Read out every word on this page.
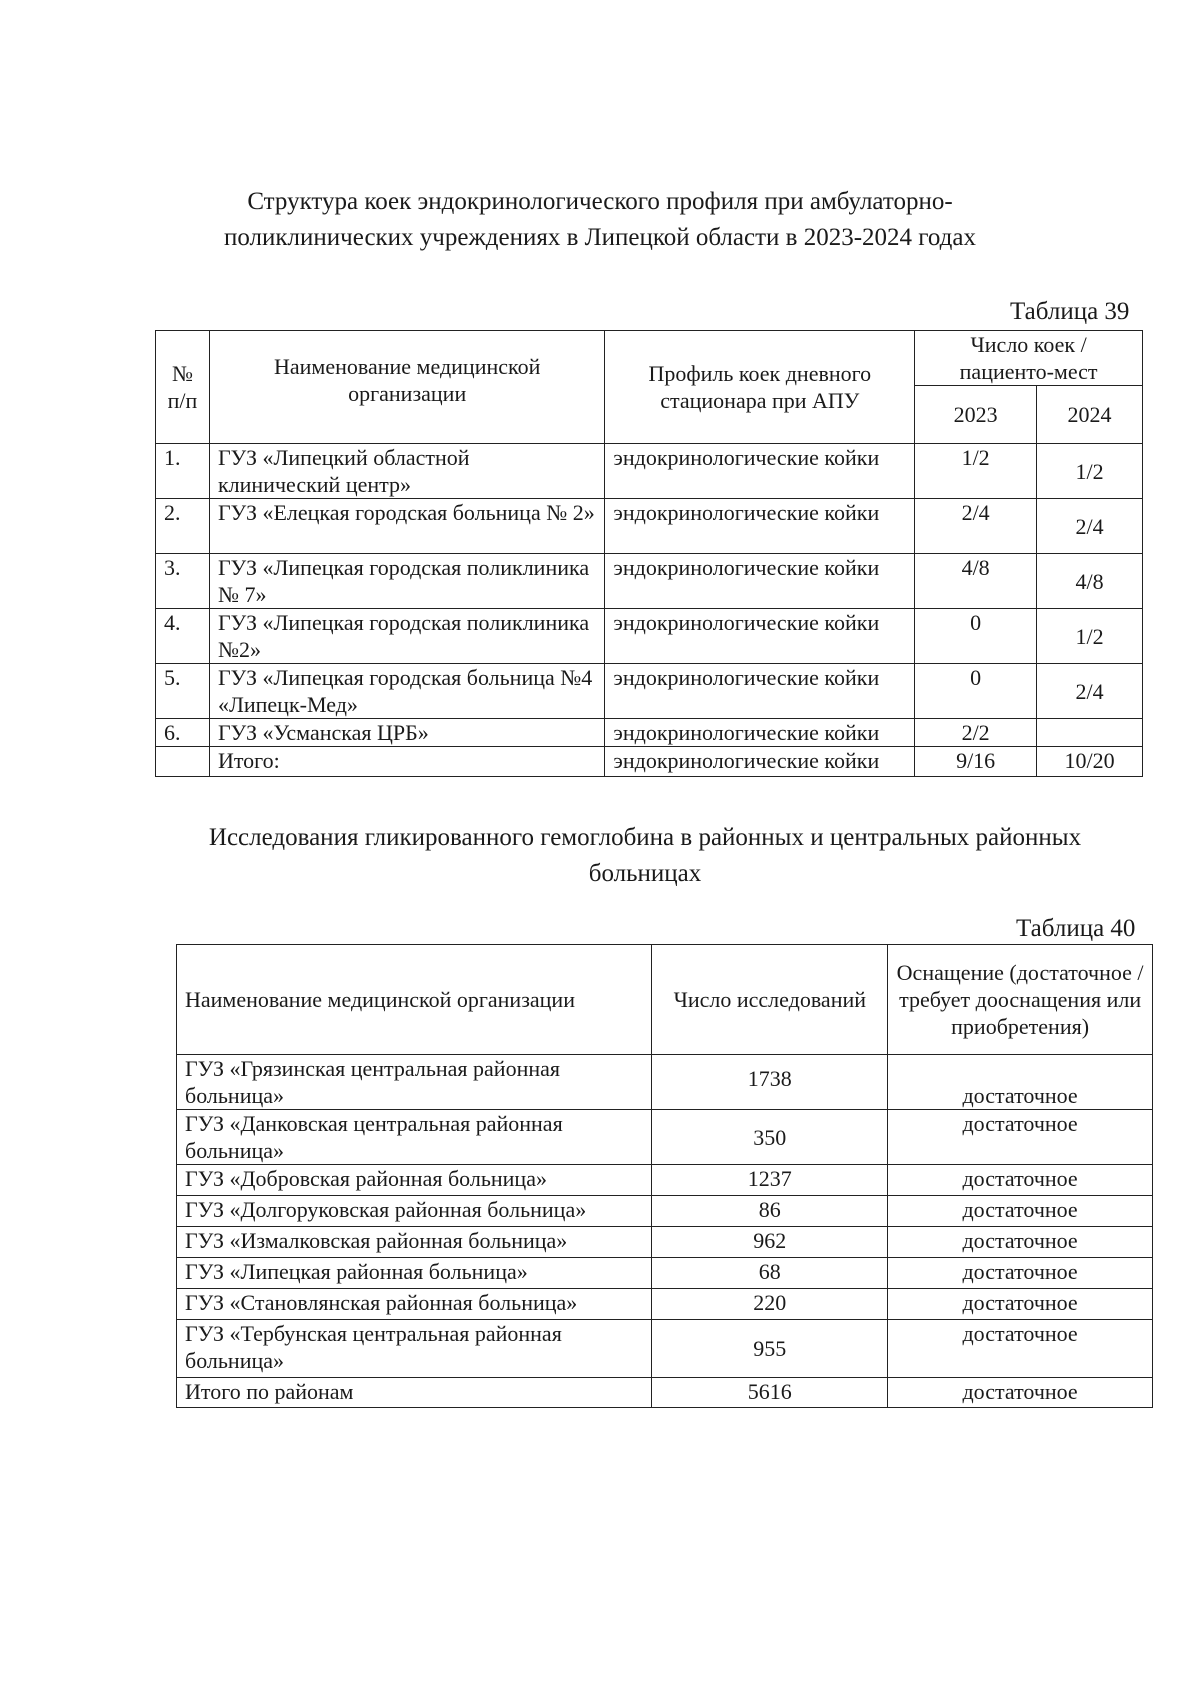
Структура коек эндокринологического профиля при амбулаторно-
поликлинических учреждениях в Липецкой области в 2023-2024 годах
Таблица 39
№ п/п	Наименование медицинской организации	Профиль коек дневного стационара при АПУ	Число коек / пациенто-мест	
			2023	2024
1.	ГУЗ «Липецкий областной клинический центр»	эндокринологические койки	1/2	1/2
2.	ГУЗ «Елецкая городская больница № 2»	эндокринологические койки	2/4	2/4
3.	ГУЗ «Липецкая городская поликлиника № 7»	эндокринологические койки	4/8	4/8
4.	ГУЗ «Липецкая городская поликлиника №2»	эндокринологические койки	0	1/2
5.	ГУЗ «Липецкая городская больница №4 «Липецк-Мед»	эндокринологические койки	0	2/4
6.	ГУЗ «Усманская ЦРБ»	эндокринологические койки	2/2	
	Итого:	эндокринологические койки	9/16	10/20
Исследования гликированного гемоглобина в районных и центральных районных
больницах
Таблица 40
Наименование медицинской организации	Число исследований	Оснащение (достаточное / требует дооснащения или приобретения)
ГУЗ «Грязинская центральная районная больница»	1738	достаточное
ГУЗ «Данковская центральная районная больница»	350	достаточное
ГУЗ «Добровская районная больница»	1237	достаточное
ГУЗ «Долгоруковская районная больница»	86	достаточное
ГУЗ «Измалковская районная больница»	962	достаточное
ГУЗ «Липецкая районная больница»	68	достаточное
ГУЗ «Становлянская районная больница»	220	достаточное
ГУЗ «Тербунская центральная районная больница»	955	достаточное
Итого по районам	5616	достаточное
